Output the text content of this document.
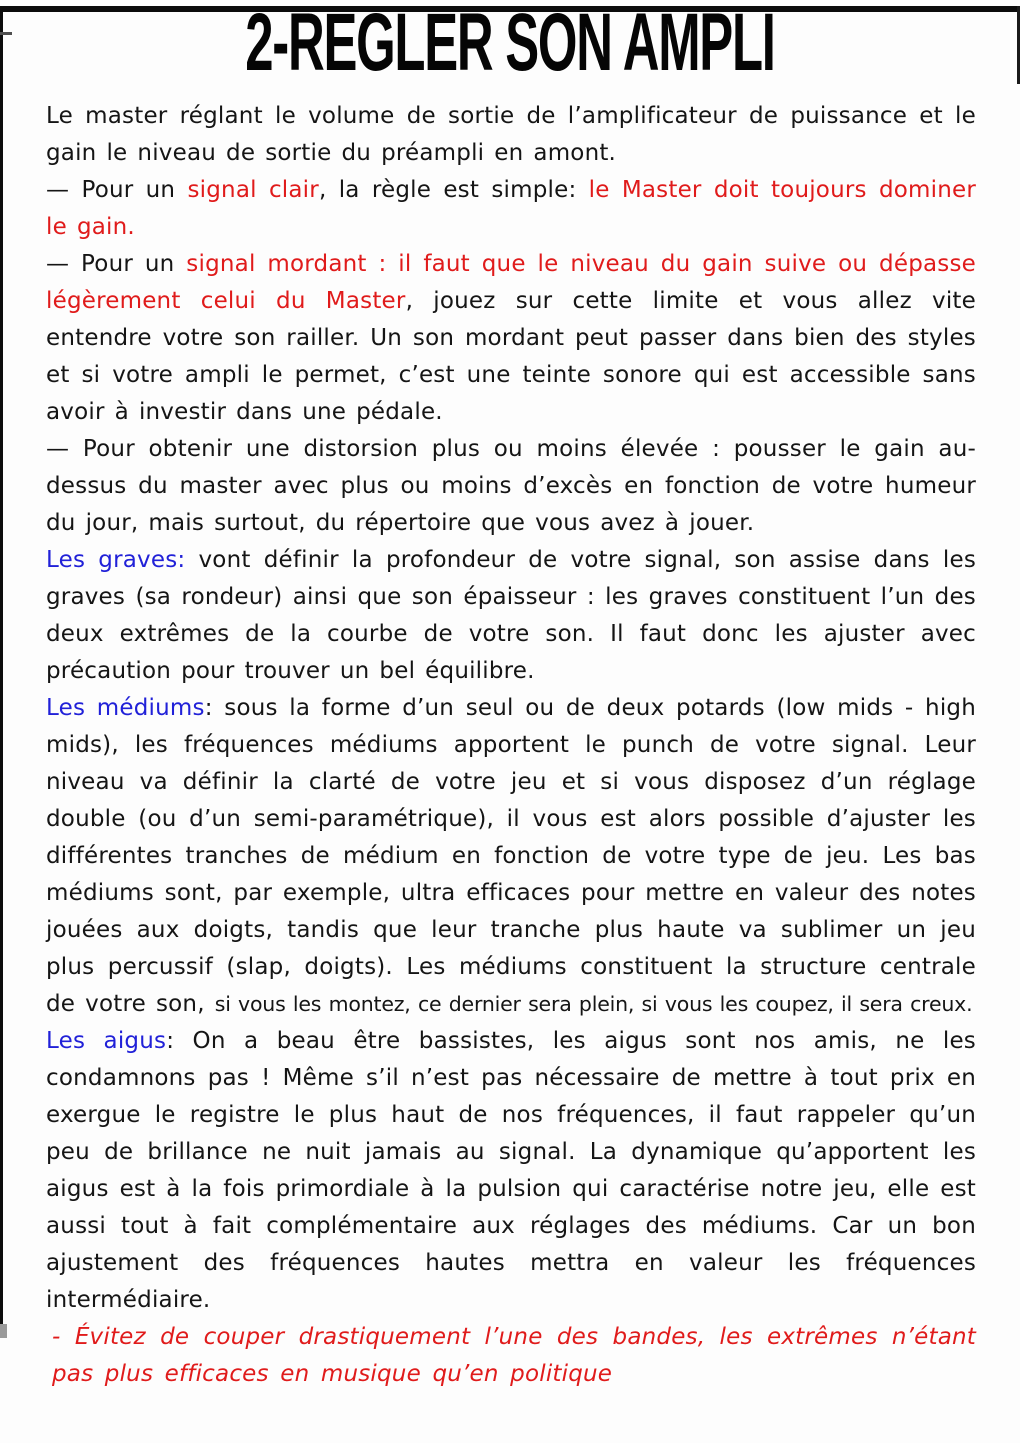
2-REGLER SON AMPLI

Le master réglant le volume de sortie de l’amplificateur de puissance et le gain le niveau de sortie du préampli en amont.

— Pour un signal clair, la règle est simple: le Master doit toujours dominer le gain.

— Pour un signal mordant : il faut que le niveau du gain suive ou dépasse légèrement celui du Master, jouez sur cette limite et vous allez vite entendre votre son railler. Un son mordant peut passer dans bien des styles et si votre ampli le permet, c’est une teinte sonore qui est accessible sans avoir à investir dans une pédale.

— Pour obtenir une distorsion plus ou moins élevée : pousser le gain au-dessus du master avec plus ou moins d’excès en fonction de votre humeur du jour, mais surtout, du répertoire que vous avez à jouer.

Les graves: vont définir la profondeur de votre signal, son assise dans les graves (sa rondeur) ainsi que son épaisseur : les graves constituent l’un des deux extrêmes de la courbe de votre son. Il faut donc les ajuster avec précaution pour trouver un bel équilibre.

Les médiums: sous la forme d’un seul ou de deux potards (low mids - high mids), les fréquences médiums apportent le punch de votre signal. Leur niveau va définir la clarté de votre jeu et si vous disposez d’un réglage double (ou d’un semi-paramétrique), il vous est alors possible d’ajuster les différentes tranches de médium en fonction de votre type de jeu. Les bas médiums sont, par exemple, ultra efficaces pour mettre en valeur des notes jouées aux doigts, tandis que leur tranche plus haute va sublimer un jeu plus percussif (slap, doigts). Les médiums constituent la structure centrale de votre son, si vous les montez, ce dernier sera plein, si vous les coupez, il sera creux.

Les aigus: On a beau être bassistes, les aigus sont nos amis, ne les condamnons pas ! Même s’il n’est pas nécessaire de mettre à tout prix en exergue le registre le plus haut de nos fréquences, il faut rappeler qu’un peu de brillance ne nuit jamais au signal. La dynamique qu’apportent les aigus est à la fois primordiale à la pulsion qui caractérise notre jeu, elle est aussi tout à fait complémentaire aux réglages des médiums. Car un bon ajustement des fréquences hautes mettra en valeur les fréquences intermédiaire.

- Évitez de couper drastiquement l’une des bandes, les extrêmes n’étant pas plus efficaces en musique qu’en politique
